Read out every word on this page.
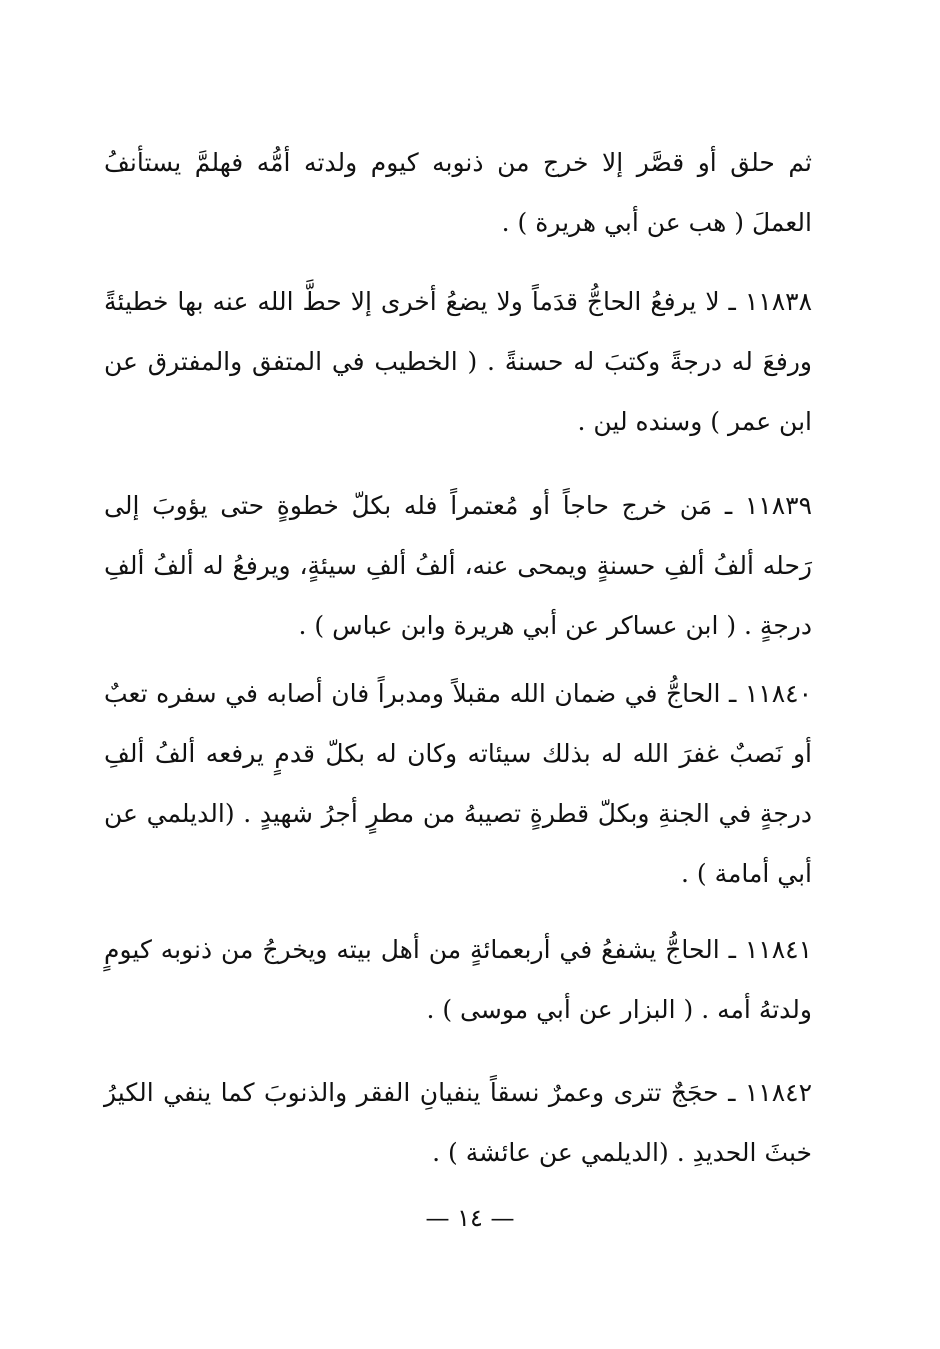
ثم حلق أو قصَّر إلا خرج من ذنوبه كيوم ولدته أمُّه فهلمَّ يستأنفُ العملَ ( هب عن أبي هريرة ) .

١١٨٣٨ ـ لا يرفعُ الحاجُّ قدَماً ولا يضعُ أخرى إلا حطَّ الله عنه بها خطيئةً ورفعَ له درجةً وكتبَ له حسنةً . ( الخطيب في المتفق والمفترق عن ابن عمر ) وسنده لين .

١١٨٣٩ ـ مَن خرج حاجاً أو مُعتمراً فله بكلّ خطوةٍ حتى يؤوبَ إلى رَحله ألفُ ألفِ حسنةٍ ويمحى عنه، ألفُ ألفِ سيئةٍ، ويرفعُ له ألفُ ألفِ درجةٍ . ( ابن عساكر عن أبي هريرة وابن عباس ) .

١١٨٤٠ ـ الحاجُّ في ضمان الله مقبلاً ومدبراً فان أصابه في سفره تعبٌ أو نَصبٌ غفرَ الله له بذلك سيئاته وكان له بكلّ قدمٍ يرفعه ألفُ ألفِ درجةٍ في الجنةِ وبكلّ قطرةٍ تصيبهُ من مطرٍ أجرُ شهيدٍ . (الديلمي عن أبي أمامة ) .

١١٨٤١ ـ الحاجُّ يشفعُ في أربعمائةٍ من أهل بيته ويخرجُ من ذنوبه كيومٍ ولدتهُ أمه . ( البزار عن أبي موسى ) .

١١٨٤٢ ـ حجَجٌ تترى وعمرٌ نسقاً ينفيانِ الفقر والذنوبَ كما ينفي الكيرُ خبثَ الحديدِ . (الديلمي عن عائشة ) .

— ١٤ —
